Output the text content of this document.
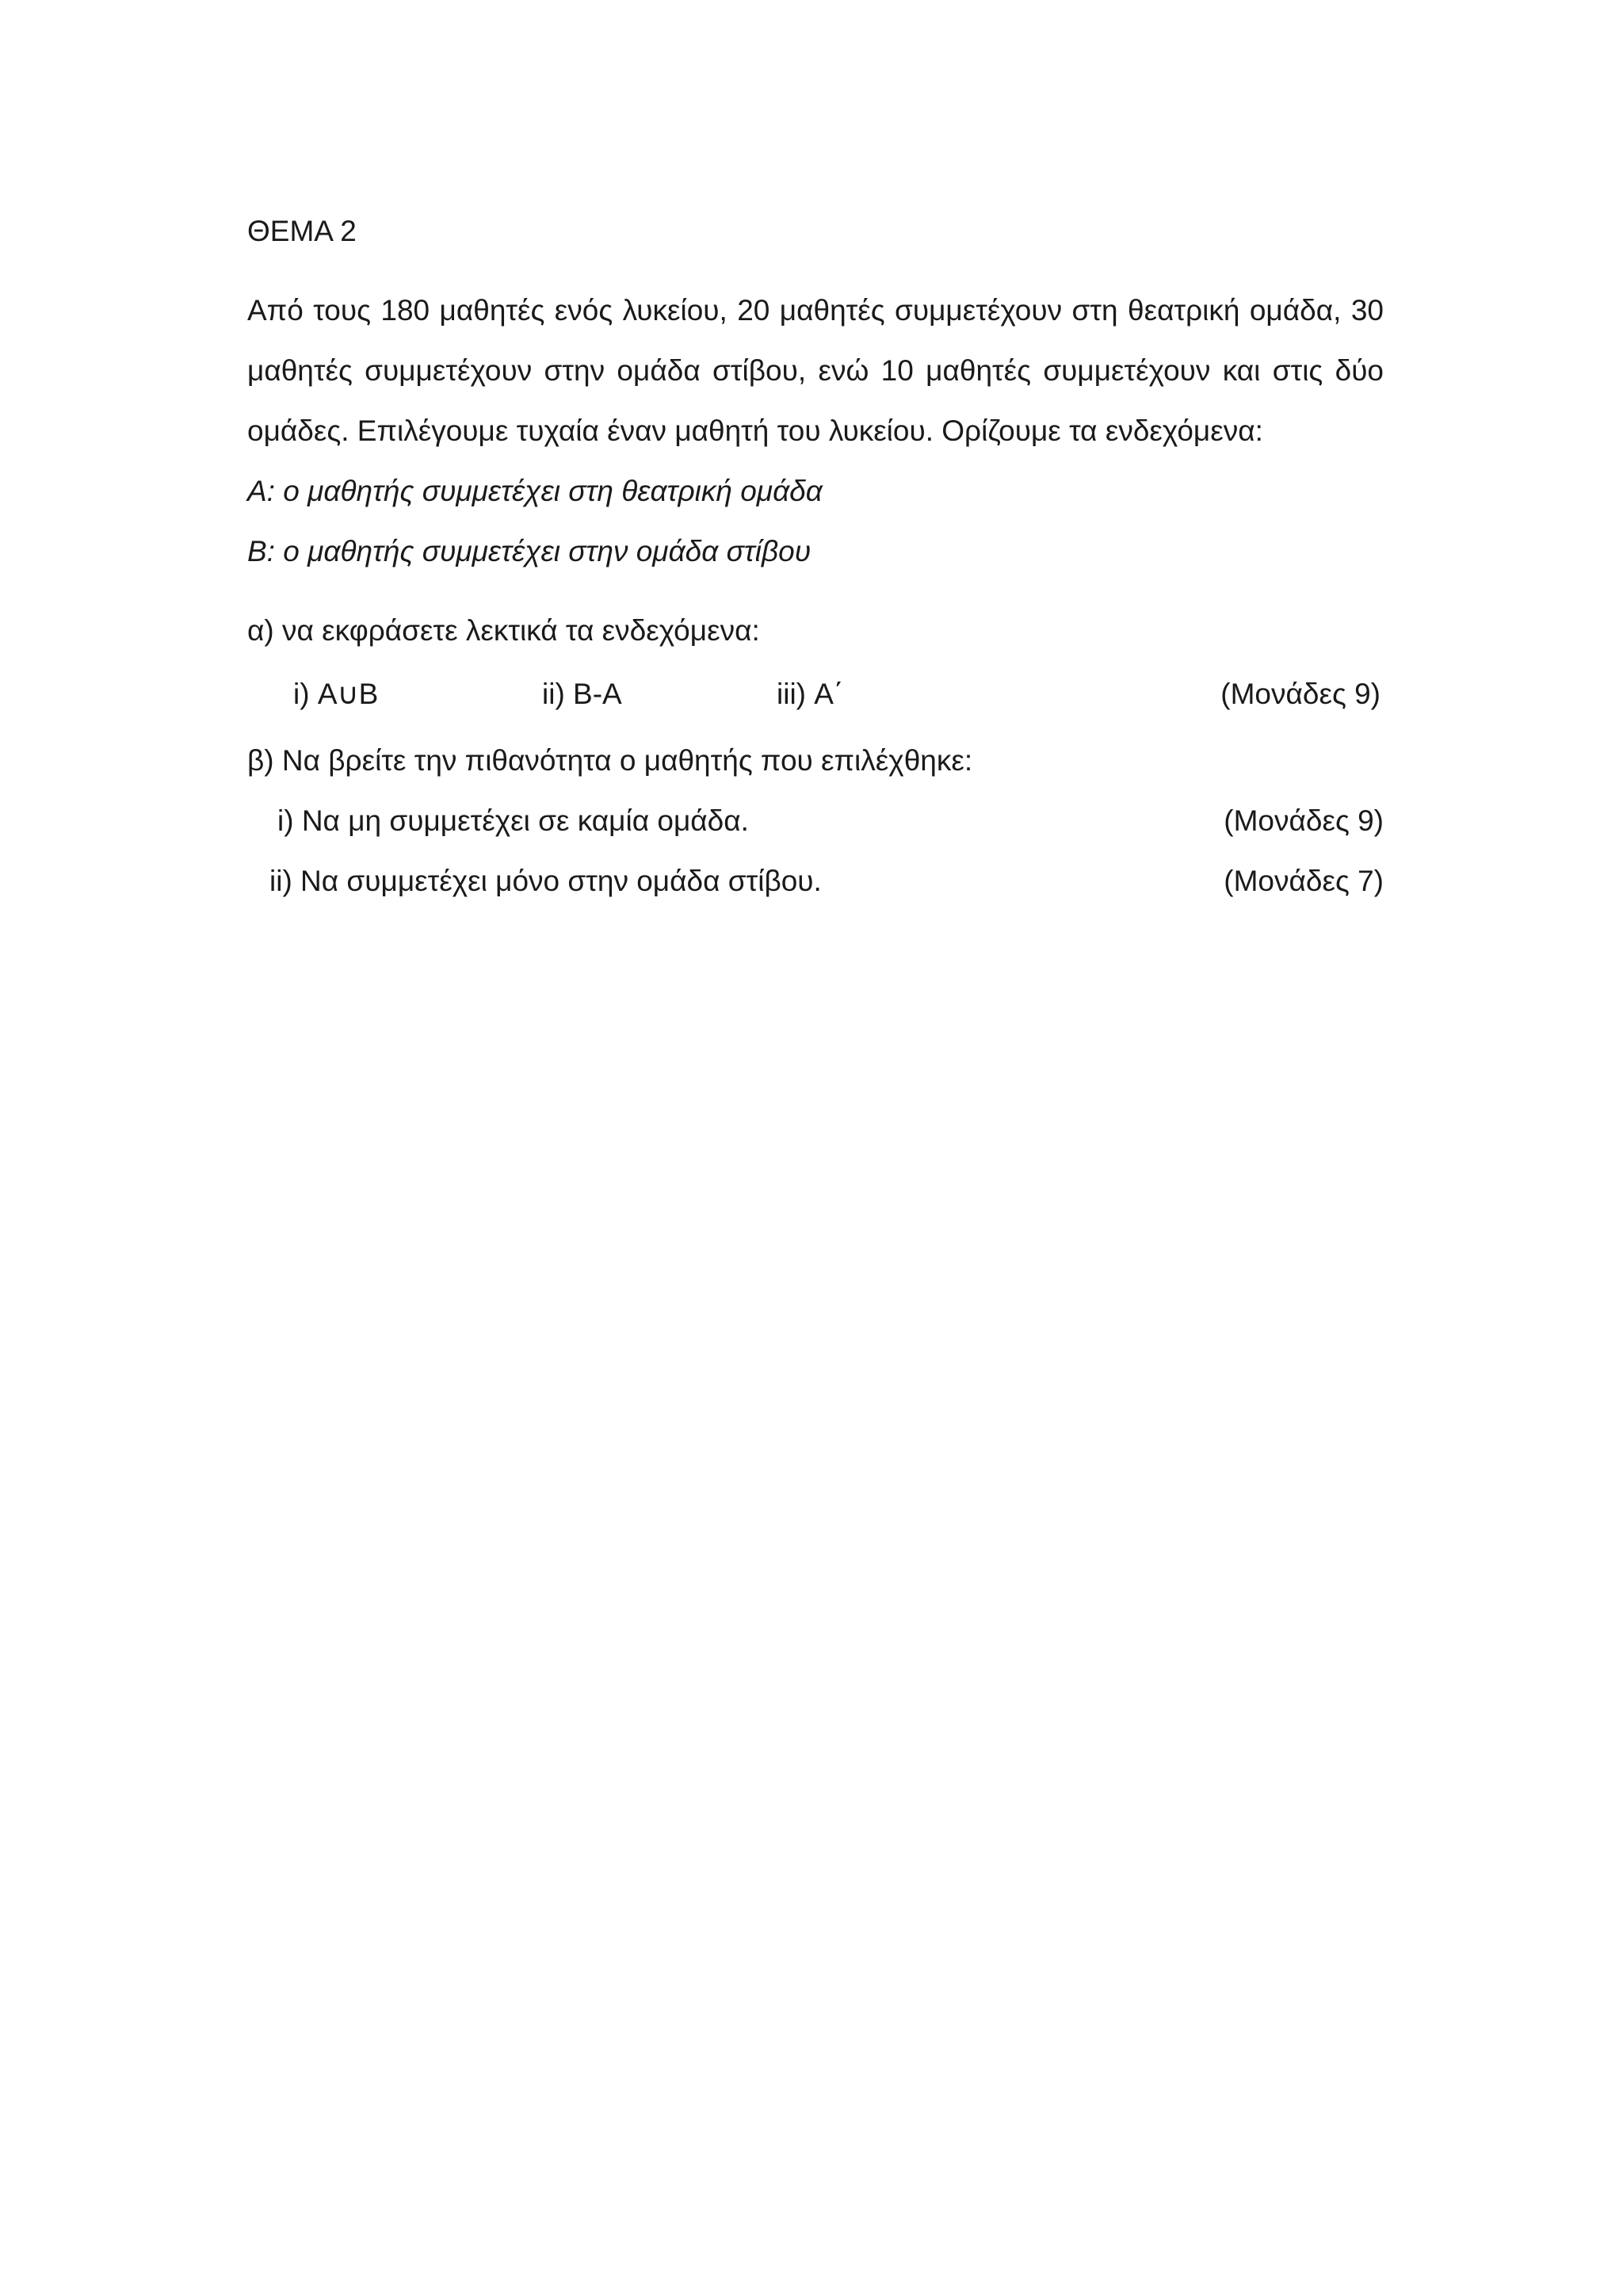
ΘΕΜΑ 2

Από τους 180 μαθητές ενός λυκείου, 20 μαθητές συμμετέχουν στη θεατρική ομάδα, 30 μαθητές συμμετέχουν στην ομάδα στίβου, ενώ 10 μαθητές συμμετέχουν και στις δύο ομάδες. Επιλέγουμε τυχαία έναν μαθητή του λυκείου. Ορίζουμε τα ενδεχόμενα:

Α: ο μαθητής συμμετέχει στη θεατρική ομάδα

Β: ο μαθητής συμμετέχει στην ομάδα στίβου

α) να εκφράσετε λεκτικά τα ενδεχόμενα:

i) Α∪Β	ii) Β-Α	iii) Α΄	(Μονάδες 9)

β) Να βρείτε την πιθανότητα ο μαθητής που επιλέχθηκε:

i) Να μη συμμετέχει σε καμία ομάδα.	(Μονάδες 9)
ii) Να συμμετέχει μόνο στην ομάδα στίβου.	(Μονάδες 7)
